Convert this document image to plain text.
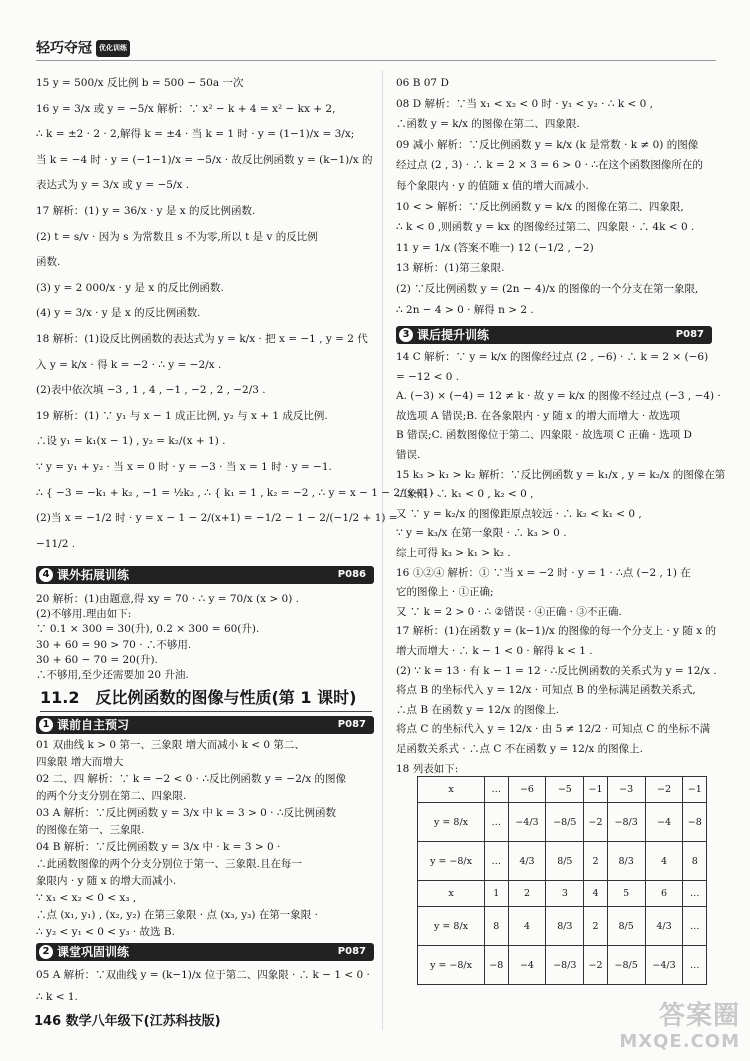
轻巧夺冠 优化训练
15 y = 500/x 反比例 b = 500 − 50a 一次
16 y = 3/x 或 y = −5/x 解析：∵ x² − k + 4 = x² − kx + 2,
∴ k = ±2 · 2 · 2,解得 k = ±4 · 当 k = 1 时 · y = (1−1)/x = 3/x;
当 k = −4 时 · y = (−1−1)/x = −5/x · 故反比例函数 y = (k−1)/x 的
表达式为 y = 3/x 或 y = −5/x .
17 解析：(1) y = 36/x · y 是 x 的反比例函数.
(2) t = s/v · 因为 s 为常数且 s 不为零,所以 t 是 v 的反比例
函数.
(3) y = 2 000/x · y 是 x 的反比例函数.
(4) y = 3/x · y 是 x 的反比例函数.
18 解析：(1)设反比例函数的表达式为 y = k/x · 把 x = −1 , y = 2 代
入 y = k/x · 得 k = −2 · ∴ y = −2/x .
(2)表中依次填 −3 , 1 , 4 , −1 , −2 , 2 , −2/3 .
19 解析：(1) ∵ y₁ 与 x − 1 成正比例, y₂ 与 x + 1 成反比例.
∴设 y₁ = k₁(x − 1) , y₂ = k₂/(x + 1) .
∵ y = y₁ + y₂ · 当 x = 0 时 · y = −3 · 当 x = 1 时 · y = −1.
∴ { −3 = −k₁ + k₂ , −1 = ½k₂ , ∴ { k₁ = 1 , k₂ = −2 , ∴ y = x − 1 − 2/(x+1) .
(2)当 x = −1/2 时 · y = x − 1 − 2/(x+1) = −1/2 − 1 − 2/(−1/2 + 1) =
−11/2 .
4 课外拓展训练	P086
20 解析：(1)由题意,得 xy = 70 · ∴ y = 70/x (x > 0) .
(2)不够用.理由如下:
∵ 0.1 × 300 = 30(升), 0.2 × 300 = 60(升).
30 + 60 = 90 > 70 · ∴不够用.
30 + 60 − 70 = 20(升).
∴不够用,至少还需要加 20 升油.
11.2　反比例函数的图像与性质(第 1 课时)
1 课前自主预习	P087
01 双曲线 k > 0 第一、三象限 增大而减小 k < 0 第二、
四象限 增大而增大
02 二、四 解析：∵ k = −2 < 0 · ∴反比例函数 y = −2/x 的图像
的两个分支分别在第二、四象限.
03 A 解析：∵反比例函数 y = 3/x 中 k = 3 > 0 · ∴反比例函数
的图像在第一、三象限.
04 B 解析：∵反比例函数 y = 3/x 中 · k = 3 > 0 ·
∴此函数图像的两个分支分别位于第一、三象限.且在每一
象限内 · y 随 x 的增大而减小.
∵ x₁ < x₂ < 0 < x₃ ,
∴点 (x₁, y₁) , (x₂, y₂) 在第三象限 · 点 (x₃, y₃) 在第一象限 ·
∴ y₂ < y₁ < 0 < y₃ · 故选 B.
2 课堂巩固训练	P087
05 A 解析：∵双曲线 y = (k−1)/x 位于第二、四象限 · ∴ k − 1 < 0 ·
∴ k < 1.
06 B 07 D
08 D 解析：∵当 x₁ < x₂ < 0 时 · y₁ < y₂ · ∴ k < 0 ,
∴函数 y = k/x 的图像在第二、四象限.
09 减小 解析：∵反比例函数 y = k/x (k 是常数 · k ≠ 0) 的图像
经过点 (2 , 3) · ∴ k = 2 × 3 = 6 > 0 · ∴在这个函数图像所在的
每个象限内 · y 的值随 x 值的增大而减小.
10 < > 解析：∵反比例函数 y = k/x 的图像在第二、四象限,
∴ k < 0 ,则函数 y = kx 的图像经过第二、四象限 · ∴ 4k < 0 .
11 y = 1/x (答案不唯一) 12 (−1/2 , −2)
13 解析：(1)第三象限.
(2) ∵反比例函数 y = (2n − 4)/x 的图像的一个分支在第一象限,
∴ 2n − 4 > 0 · 解得 n > 2 .
3 课后提升训练	P087
14 C 解析：∵ y = k/x 的图像经过点 (2 , −6) · ∴ k = 2 × (−6)
= −12 < 0 .
A. (−3) × (−4) = 12 ≠ k · 故 y = k/x 的图像不经过点 (−3 , −4) ·
故选项 A 错误;B. 在各象限内 · y 随 x 的增大而增大 · 故选项
B 错误;C. 函数图像位于第二、四象限 · 故选项 C 正确 · 选项 D
错误.
15 k₃ > k₁ > k₂ 解析：∵反比例函数 y = k₁/x , y = k₂/x 的图像在第
二象限 · ∴ k₁ < 0 , k₂ < 0 ,
又 ∵ y = k₂/x 的图像距原点较远 · ∴ k₂ < k₁ < 0 ,
∵ y = k₃/x 在第一象限 · ∴ k₃ > 0 .
综上可得 k₃ > k₁ > k₂ .
16 ①②④ 解析：① ∵当 x = −2 时 · y = 1 · ∴点 (−2 , 1) 在
它的图像上 · ①正确;
又 ∵ k = 2 > 0 · ∴ ②错误 · ④正确 · ③不正确.
17 解析：(1)在函数 y = (k−1)/x 的图像的每一个分支上 · y 随 x 的
增大而增大 · ∴ k − 1 < 0 · 解得 k < 1 .
(2) ∵ k = 13 · 有 k − 1 = 12 · ∴反比例函数的关系式为 y = 12/x .
将点 B 的坐标代入 y = 12/x · 可知点 B 的坐标满足函数关系式,
∴点 B 在函数 y = 12/x 的图像上.
将点 C 的坐标代入 y = 12/x · 由 5 ≠ 12/2 · 可知点 C 的坐标不满
足函数关系式 · ∴点 C 不在函数 y = 12/x 的图像上.
18 列表如下:
x	…	−6	−5	−1	−3	−2	−1
y = 8/x	…	−4/3	−8/5	−2	−8/3	−4	−8
y = −8/x	…	4/3	8/5	2	8/3	4	8
x	1	2	3	4	5	6	…
y = 8/x	8	4	8/3	2	8/5	4/3	…
y = −8/x	−8	−4	−8/3	−2	−8/5	−4/3	…
146 数学八年级下(江苏科技版)	答案圈
MXQE.COM
